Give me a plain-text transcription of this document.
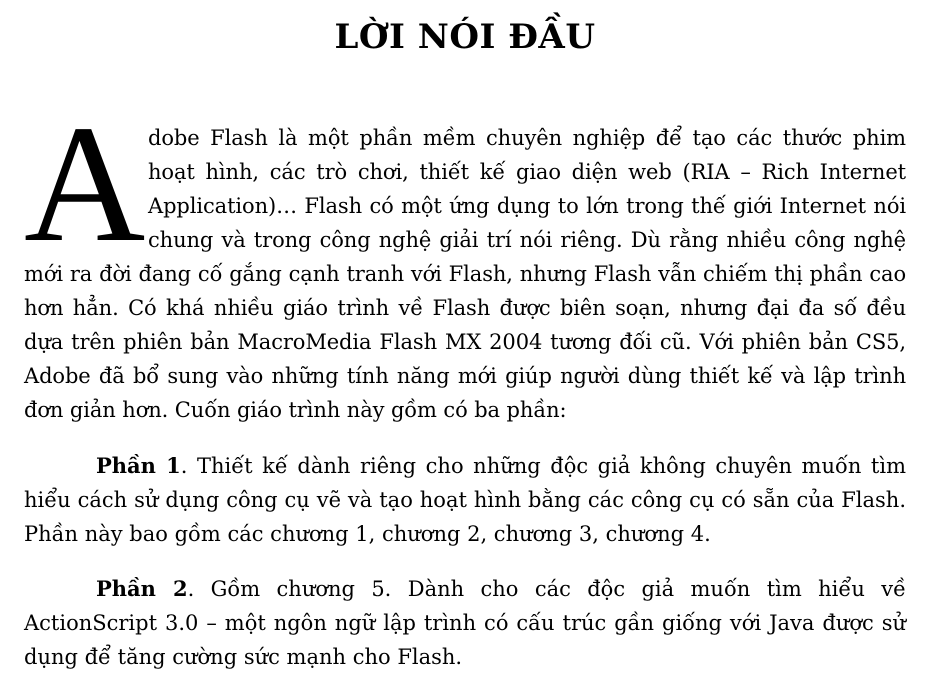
LỜI NÓI ĐẦU
A dobe Flash là một phần mềm chuyên nghiệp để tạo các thước phim hoạt hình, các trò chơi, thiết kế giao diện web (RIA – Rich Internet Application)… Flash có một ứng dụng to lớn trong thế giới Internet nói chung và trong công nghệ giải trí nói riêng. Dù rằng nhiều công nghệ mới ra đời đang cố gắng cạnh tranh với Flash, nhưng Flash vẫn chiếm thị phần cao hơn hẳn. Có khá nhiều giáo trình về Flash được biên soạn, nhưng đại đa số đều dựa trên phiên bản MacroMedia Flash MX 2004 tương đối cũ. Với phiên bản CS5, Adobe đã bổ sung vào những tính năng mới giúp người dùng thiết kế và lập trình đơn giản hơn. Cuốn giáo trình này gồm có ba phần:

Phần 1. Thiết kế dành riêng cho những độc giả không chuyên muốn tìm hiểu cách sử dụng công cụ vẽ và tạo hoạt hình bằng các công cụ có sẵn của Flash. Phần này bao gồm các chương 1, chương 2, chương 3, chương 4.

Phần 2. Gồm chương 5. Dành cho các độc giả muốn tìm hiểu về ActionScript 3.0 – một ngôn ngữ lập trình có cấu trúc gần giống với Java được sử dụng để tăng cường sức mạnh cho Flash.
